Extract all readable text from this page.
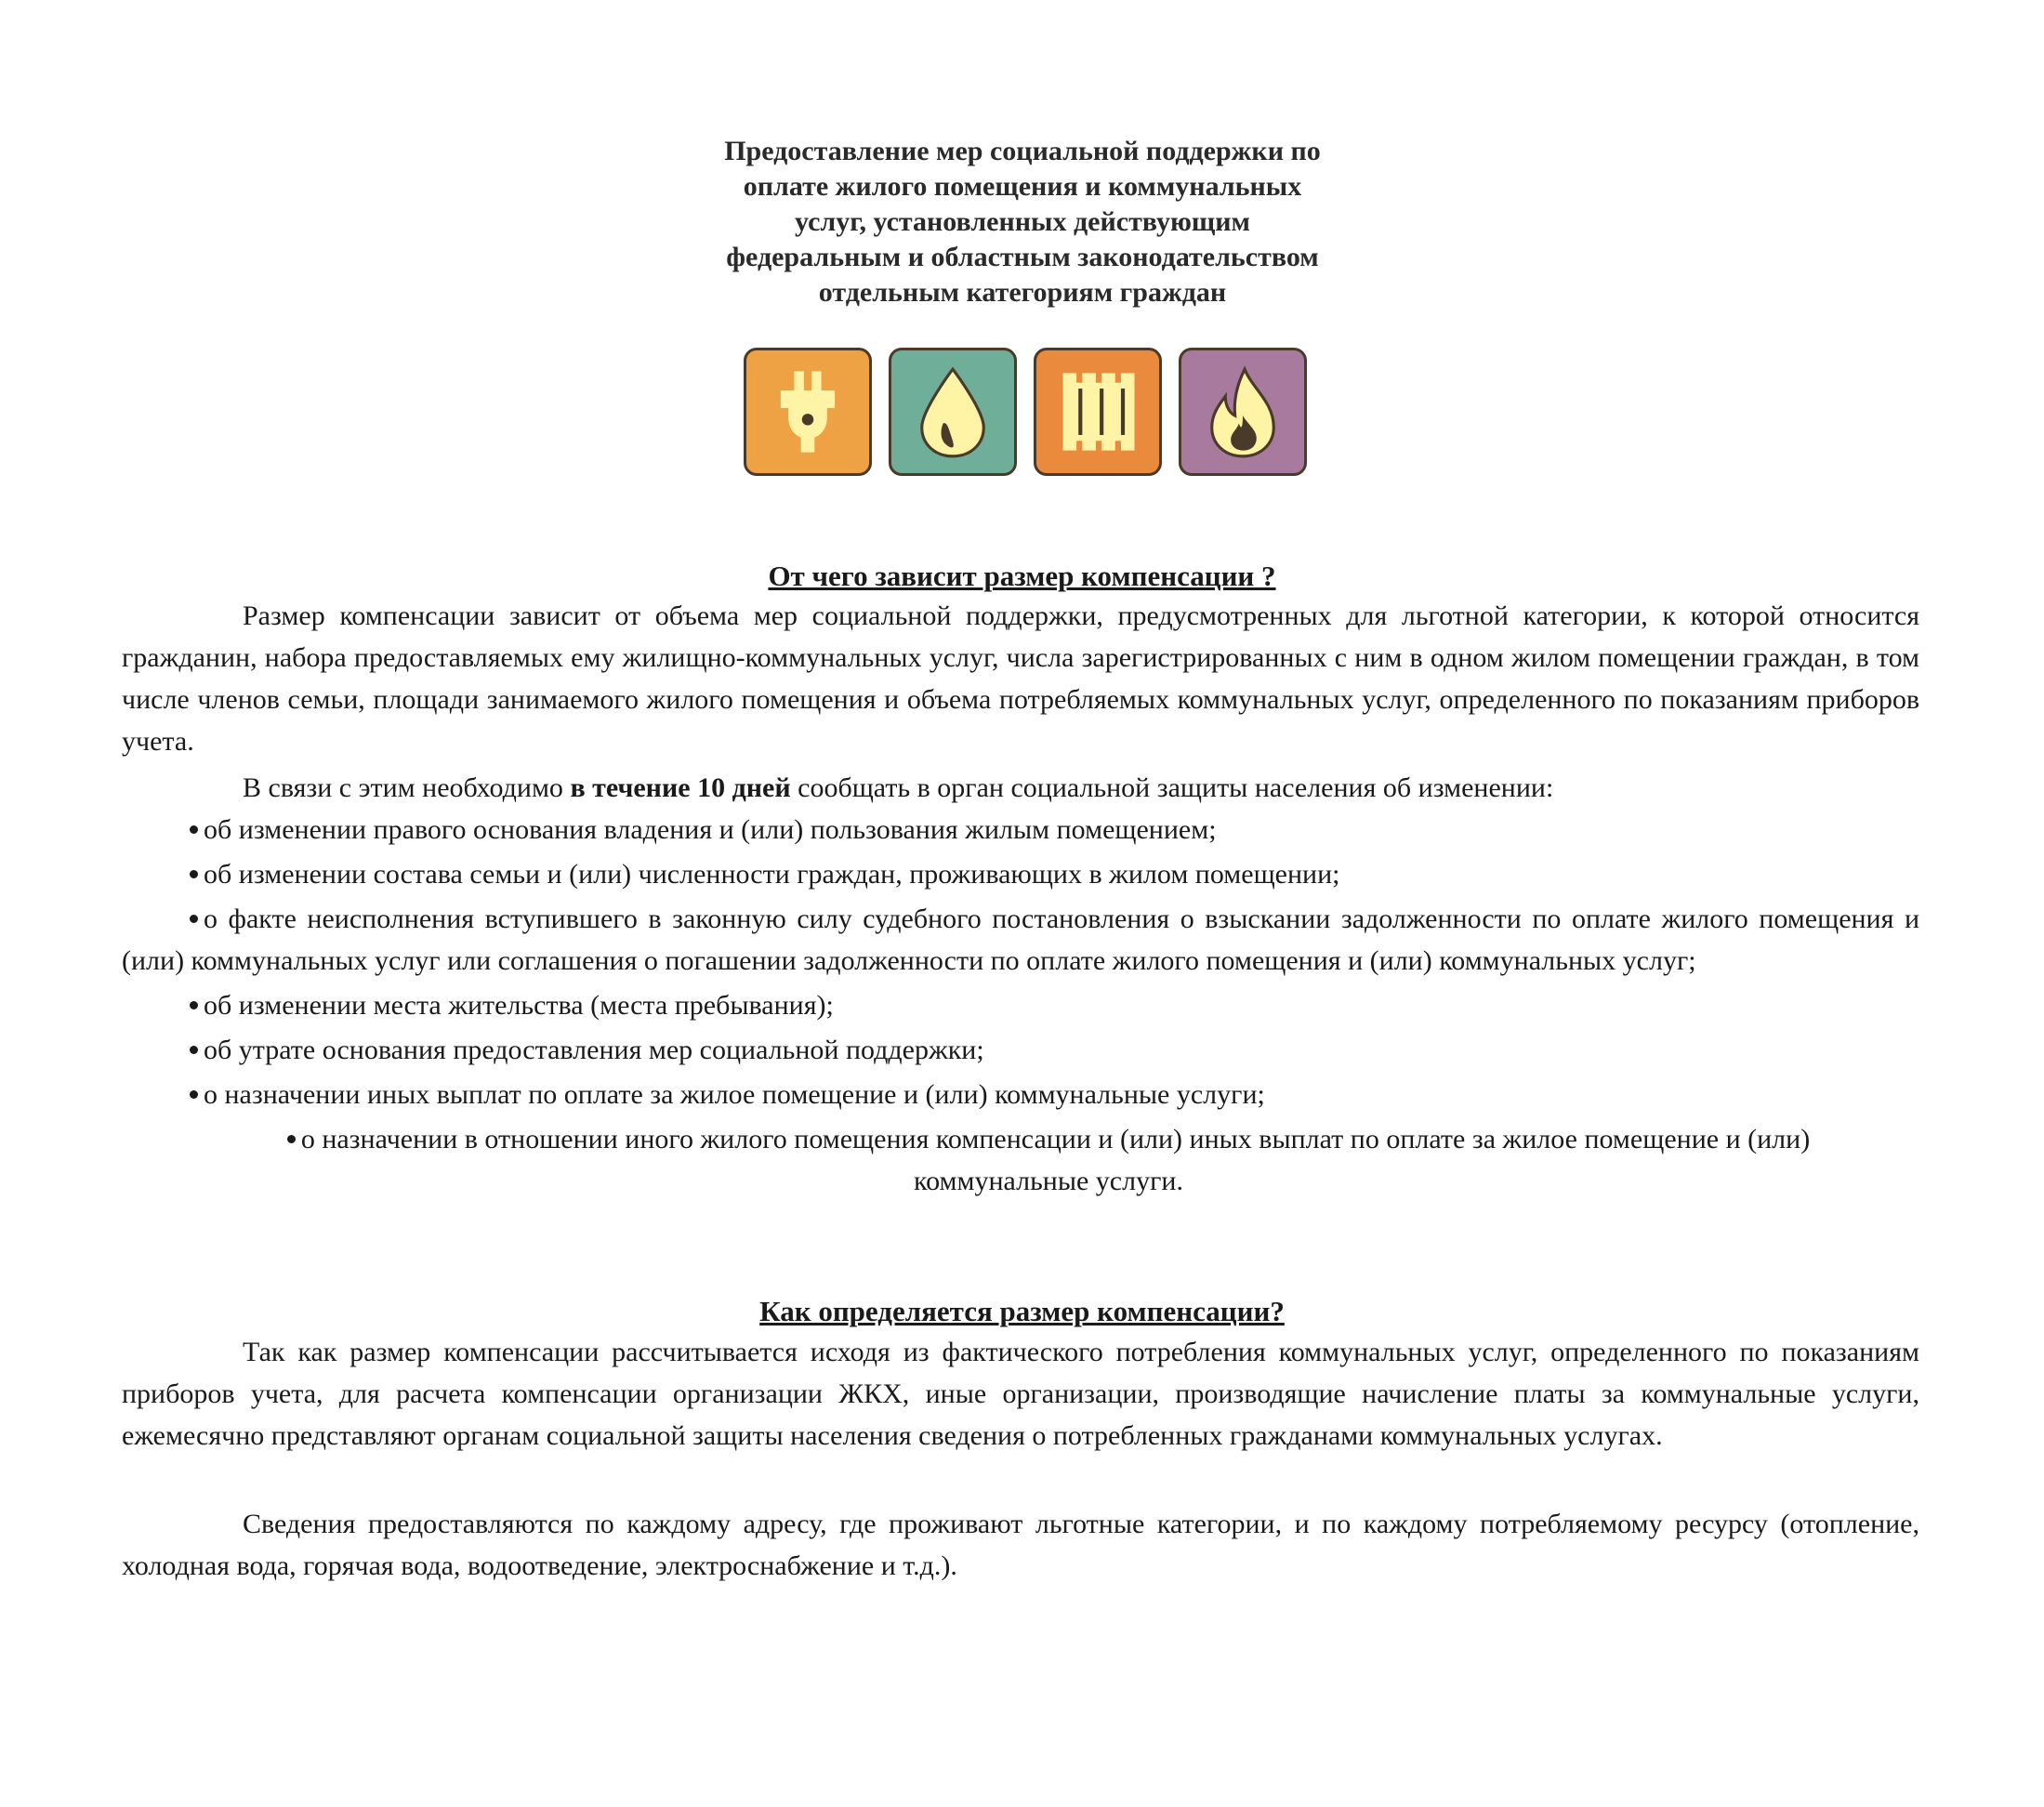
Предоставление мер социальной поддержки по
оплате жилого помещения и коммунальных
услуг, установленных действующим
федеральным и областным законодательством
отдельным категориям граждан
От чего зависит размер компенсации ?

Размер компенсации зависит от объема мер социальной поддержки, предусмотренных для льготной категории, к которой относится гражданин, набора предоставляемых ему жилищно-коммунальных услуг, числа зарегистрированных с ним в одном жилом помещении граждан, в том числе членов семьи, площади занимаемого жилого помещения и объема потребляемых коммунальных услуг, определенного по показаниям приборов учета.

В связи с этим необходимо в течение 10 дней сообщать в орган социальной защиты населения об изменении:

об изменении правого основания владения и (или) пользования жилым помещением;
об изменении состава семьи и (или) численности граждан, проживающих в жилом помещении;
о факте неисполнения вступившего в законную силу судебного постановления о взыскании задолженности по оплате жилого помещения и (или) коммунальных услуг или соглашения о погашении задолженности по оплате жилого помещения и (или) коммунальных услуг;
об изменении места жительства (места пребывания);
об утрате основания предоставления мер социальной поддержки;
о назначении иных выплат по оплате за жилое помещение и (или) коммунальные услуги;
о назначении в отношении иного жилого помещения компенсации и (или) иных выплат по оплате за жилое помещение и (или) коммунальные услуги.
Как определяется размер компенсации?

Так как размер компенсации рассчитывается исходя из фактического потребления коммунальных услуг, определенного по показаниям приборов учета, для расчета компенсации организации ЖКХ, иные организации, производящие начисление платы за коммунальные услуги, ежемесячно представляют органам социальной защиты населения сведения о потребленных гражданами коммунальных услугах.

Сведения предоставляются по каждому адресу, где проживают льготные категории, и по каждому потребляемому ресурсу (отопление, холодная вода, горячая вода, водоотведение, электроснабжение и т.д.).
